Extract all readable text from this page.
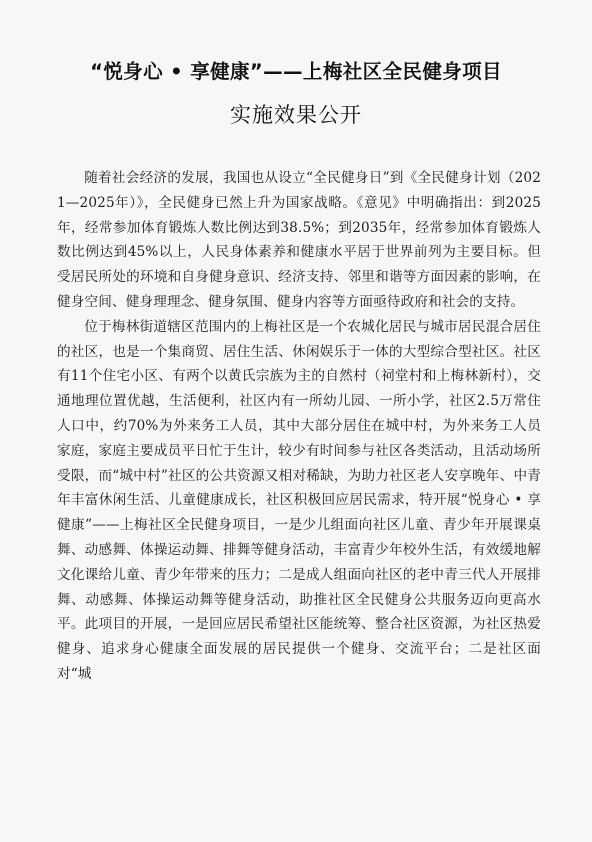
“悦身心 • 享健康”——上梅社区全民健身项目
实施效果公开

随着社会经济的发展，我国也从设立“全民健身日”到《全民健身计划（2021—2025年）》，全民健身已然上升为国家战略。《意见》中明确指出：到2025年，经常参加体育锻炼人数比例达到38.5%；到2035年，经常参加体育锻炼人数比例达到45%以上，人民身体素养和健康水平居于世界前列为主要目标。但受居民所处的环境和自身健身意识、经济支持、邻里和谐等方面因素的影响，在健身空间、健身理理念、健身氛围、健身内容等方面亟待政府和社会的支持。

位于梅林街道辖区范围内的上梅社区是一个农城化居民与城市居民混合居住的社区，也是一个集商贸、居住生活、休闲娱乐于一体的大型综合型社区。社区有11个住宅小区、有两个以黄氏宗族为主的自然村（祠堂村和上梅林新村），交通地理位置优越，生活便利，社区内有一所幼儿园、一所小学，社区2.5万常住人口中，约70%为外来务工人员，其中大部分居住在城中村，为外来务工人员家庭，家庭主要成员平日忙于生计，较少有时间参与社区各类活动，且活动场所受限，而“城中村”社区的公共资源又相对稀缺，为助力社区老人安享晚年、中青年丰富休闲生活、儿童健康成长，社区积极回应居民需求，特开展“悦身心 • 享健康”——上梅社区全民健身项目，一是少儿组面向社区儿童、青少年开展课桌舞、动感舞、体操运动舞、排舞等健身活动，丰富青少年校外生活，有效缓地解文化课给儿童、青少年带来的压力；二是成人组面向社区的老中青三代人开展排舞、动感舞、体操运动舞等健身活动，助推社区全民健身公共服务迈向更高水平。此项目的开展，一是回应居民希望社区能统筹、整合社区资源，为社区热爱健身、追求身心健康全面发展的居民提供一个健身、交流平台；二是社区面对“城
